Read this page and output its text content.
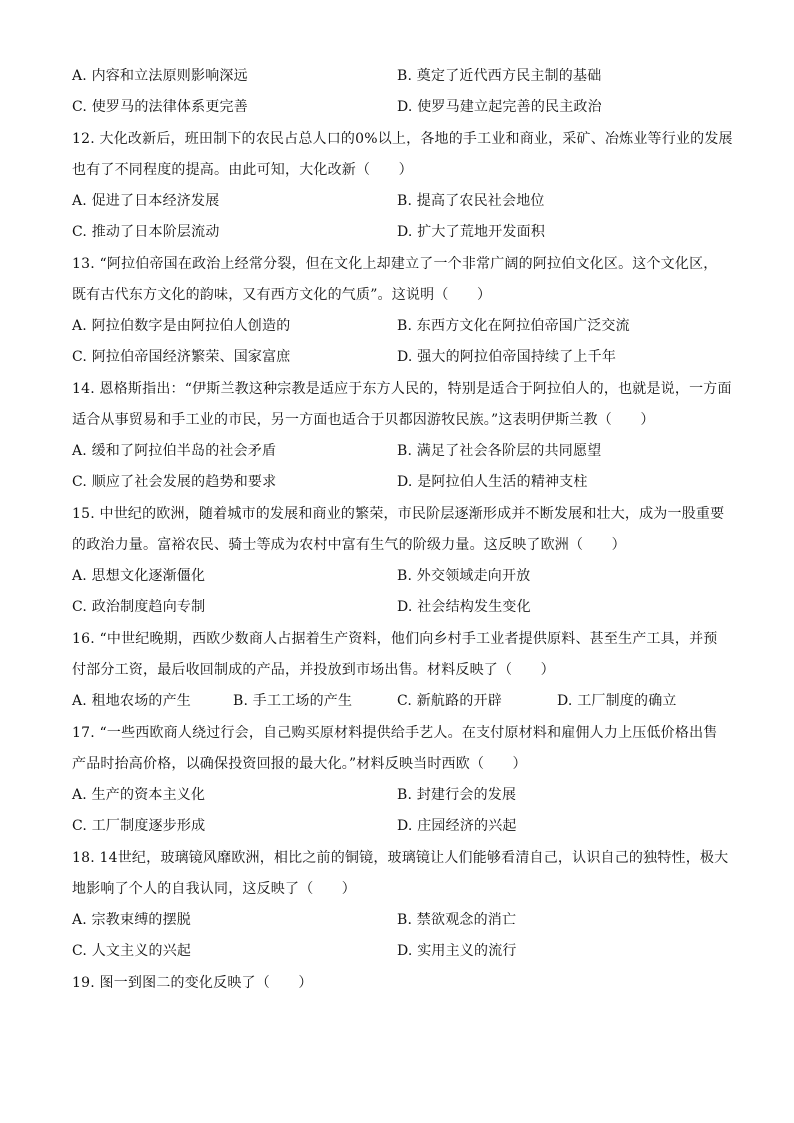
A. 内容和立法原则影响深远	B. 奠定了近代西方民主制的基础
C. 使罗马的法律体系更完善	D. 使罗马建立起完善的民主政治
12. 大化改新后，班田制下的农民占总人口的0%以上，各地的手工业和商业，采矿、冶炼业等行业的发展
也有了不同程度的提高。由此可知，大化改新（　　）
A. 促进了日本经济发展	B. 提高了农民社会地位
C. 推动了日本阶层流动	D. 扩大了荒地开发面积
13. “阿拉伯帝国在政治上经常分裂，但在文化上却建立了一个非常广阔的阿拉伯文化区。这个文化区，
既有古代东方文化的韵味，又有西方文化的气质”。这说明（　　）
A. 阿拉伯数字是由阿拉伯人创造的	B. 东西方文化在阿拉伯帝国广泛交流
C. 阿拉伯帝国经济繁荣、国家富庶	D. 强大的阿拉伯帝国持续了上千年
14. 恩格斯指出：“伊斯兰教这种宗教是适应于东方人民的，特别是适合于阿拉伯人的，也就是说，一方面
适合从事贸易和手工业的市民，另一方面也适合于贝都因游牧民族。”这表明伊斯兰教（　　）
A. 缓和了阿拉伯半岛的社会矛盾	B. 满足了社会各阶层的共同愿望
C. 顺应了社会发展的趋势和要求	D. 是阿拉伯人生活的精神支柱
15. 中世纪的欧洲，随着城市的发展和商业的繁荣，市民阶层逐渐形成并不断发展和壮大，成为一股重要
的政治力量。富裕农民、骑士等成为农村中富有生气的阶级力量。这反映了欧洲（　　）
A. 思想文化逐渐僵化	B. 外交领域走向开放
C. 政治制度趋向专制	D. 社会结构发生变化
16. “中世纪晚期，西欧少数商人占据着生产资料，他们向乡村手工业者提供原料、甚至生产工具，并预
付部分工资，最后收回制成的产品，并投放到市场出售。材料反映了（　　）
A. 租地农场的产生	B. 手工工场的产生	C. 新航路的开辟	D. 工厂制度的确立
17. “一些西欧商人绕过行会，自己购买原材料提供给手艺人。在支付原材料和雇佣人力上压低价格出售
产品时抬高价格，以确保投资回报的最大化。”材料反映当时西欧（　　）
A. 生产的资本主义化	B. 封建行会的发展
C. 工厂制度逐步形成	D. 庄园经济的兴起
18. 14世纪，玻璃镜风靡欧洲，相比之前的铜镜，玻璃镜让人们能够看清自己，认识自己的独特性，极大
地影响了个人的自我认同，这反映了（　　）
A. 宗教束缚的摆脱	B. 禁欲观念的消亡
C. 人文主义的兴起	D. 实用主义的流行
19. 图一到图二的变化反映了（　　）
